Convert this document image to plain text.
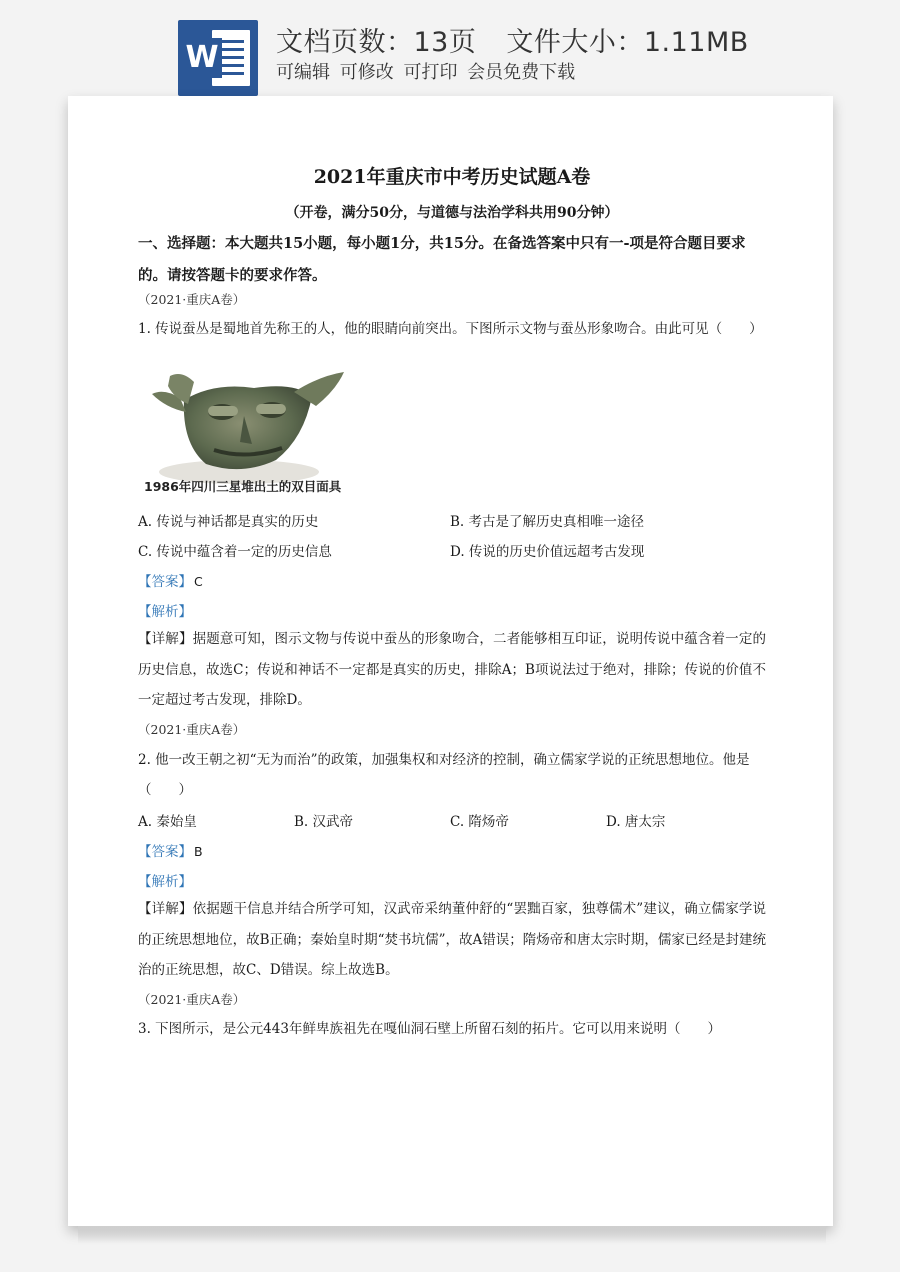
W 文档页数：13页 文件大小：1.11MB
可编辑 可修改 可打印 会员免费下载
2021年重庆市中考历史试题A卷
（开卷，满分50分，与道德与法治学科共用90分钟）
一、选择题：本大题共15小题，每小题1分，共15分。在备选答案中只有一-项是符合题目要求的。请按答题卡的要求作答。
（2021·重庆A卷）
1. 传说蚕丛是蜀地首先称王的人，他的眼睛向前突出。下图所示文物与蚕丛形象吻合。由此可见（　　）
1986年四川三星堆出土的双目面具
A. 传说与神话都是真实的历史	B. 考古是了解历史真相唯一途径
C. 传说中蕴含着一定的历史信息	D. 传说的历史价值远超考古发现
【答案】 C
【解析】
【详解】据题意可知，图示文物与传说中蚕丛的形象吻合，二者能够相互印证，说明传说中蕴含着一定的历史信息，故选C；传说和神话不一定都是真实的历史，排除A；B项说法过于绝对，排除；传说的价值不一定超过考古发现，排除D。
（2021·重庆A卷）
2. 他一改王朝之初“无为而治”的政策，加强集权和对经济的控制，确立儒家学说的正统思想地位。他是（　　）
A. 秦始皇	B. 汉武帝	C. 隋炀帝	D. 唐太宗
【答案】 B
【解析】
【详解】依据题干信息并结合所学可知，汉武帝采纳董仲舒的“罢黜百家，独尊儒术”建议，确立儒家学说的正统思想地位，故B正确；秦始皇时期“焚书坑儒”，故A错误；隋炀帝和唐太宗时期，儒家已经是封建统治的正统思想，故C、D错误。综上故选B。
（2021·重庆A卷）
3. 下图所示，是公元443年鲜卑族祖先在嘎仙洞石壁上所留石刻的拓片。它可以用来说明（　　）
